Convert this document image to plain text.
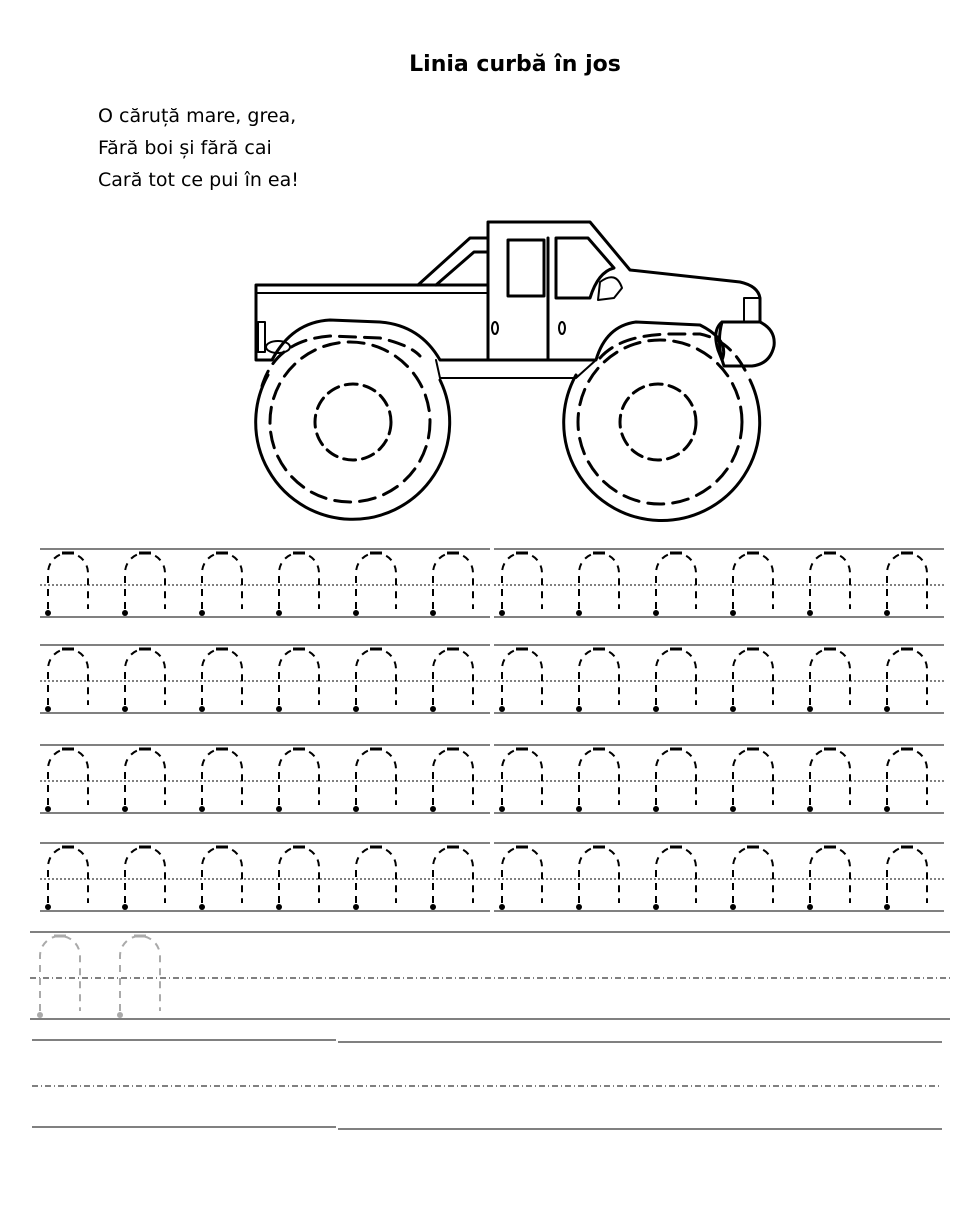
Linia curbă în jos
O căruță mare, grea,
Fără boi și fără cai
Cară tot ce pui în ea!
